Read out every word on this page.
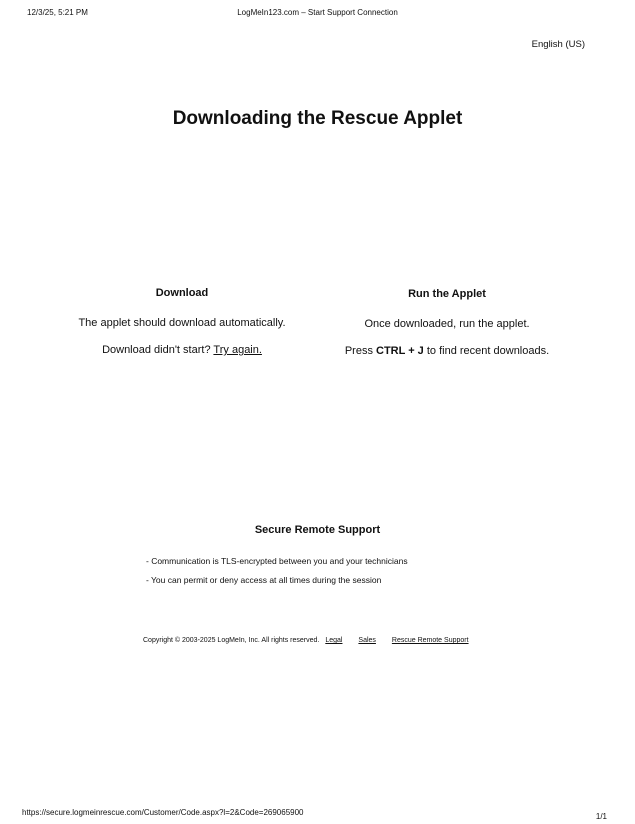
12/3/25, 5:21 PM	LogMeIn123.com – Start Support Connection
English (US)
Downloading the Rescue Applet
Download

The applet should download automatically.

Download didn't start? Try again.

Run the Applet

Once downloaded, run the applet.

Press CTRL + J to find recent downloads.

Secure Remote Support
- Communication is TLS-encrypted between you and your technicians
- You can permit or deny access at all times during the session
Copyright © 2003-2025 LogMeIn, Inc. All rights reserved. Legal Sales Rescue Remote Support
https://secure.logmeinrescue.com/Customer/Code.aspx?l=2&Code=269065900	1/1
